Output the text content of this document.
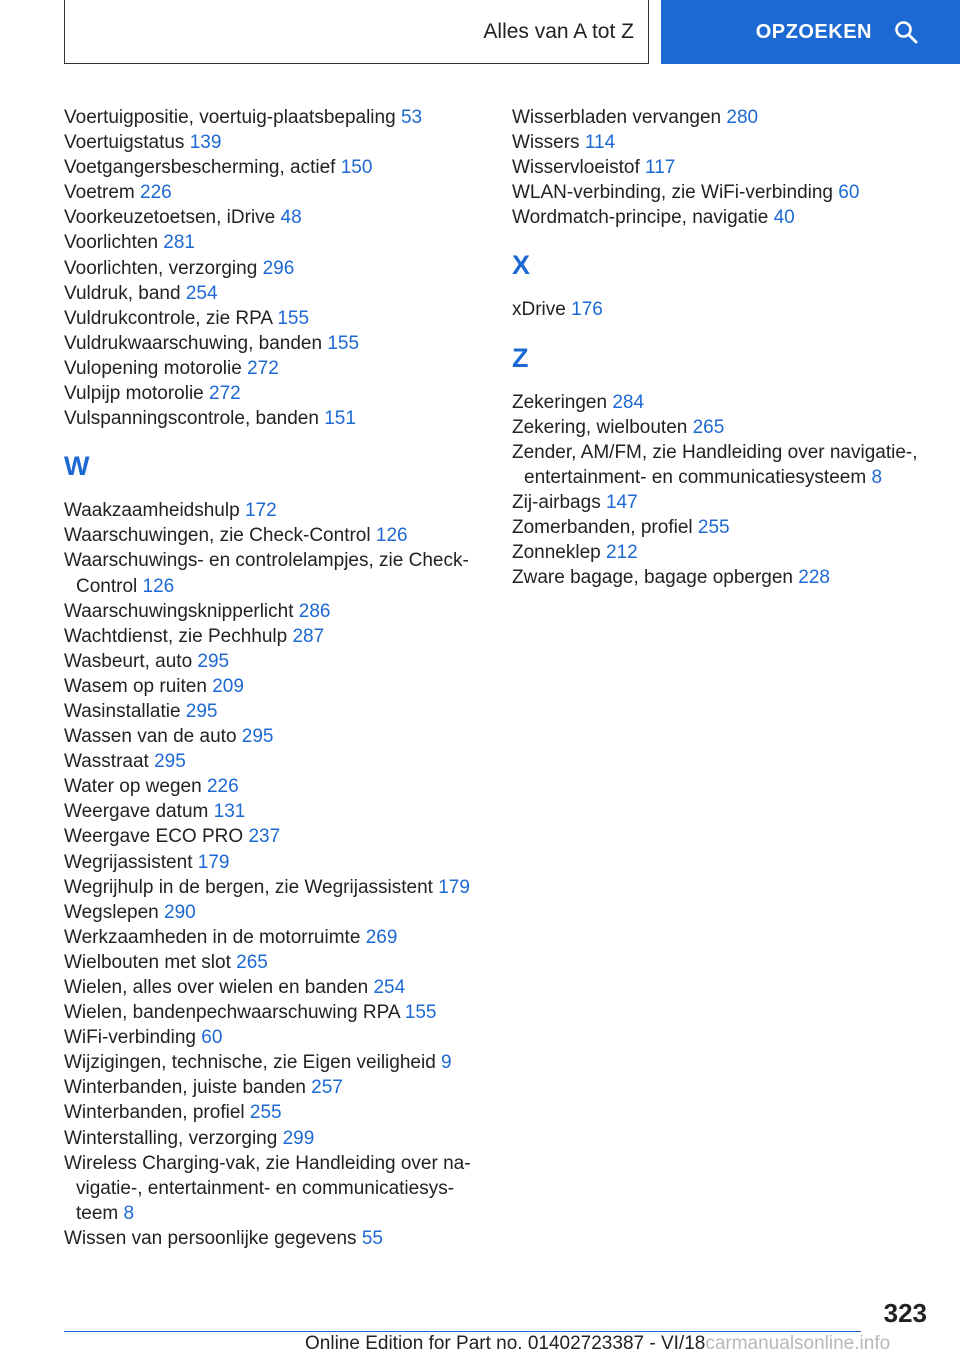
Alles van A tot Z	OPZOEKEN
Voertuigpositie, voertuig-plaatsbepaling 53
Voertuigstatus 139
Voetgangersbescherming, actief 150
Voetrem 226
Voorkeuzetoetsen, iDrive 48
Voorlichten 281
Voorlichten, verzorging 296
Vuldruk, band 254
Vuldrukcontrole, zie RPA 155
Vuldrukwaarschuwing, banden 155
Vulopening motorolie 272
Vulpijp motorolie 272
Vulspanningscontrole, banden 151
W
Waakzaamheidshulp 172
Waarschuwingen, zie Check-Control 126
Waarschuwings- en controlelampjes, zie Check-Control 126
Waarschuwingsknipperlicht 286
Wachtdienst, zie Pechhulp 287
Wasbeurt, auto 295
Wasem op ruiten 209
Wasinstallatie 295
Wassen van de auto 295
Wasstraat 295
Water op wegen 226
Weergave datum 131
Weergave ECO PRO 237
Wegrijassistent 179
Wegrijhulp in de bergen, zie Wegrijassistent 179
Wegslepen 290
Werkzaamheden in de motorruimte 269
Wielbouten met slot 265
Wielen, alles over wielen en banden 254
Wielen, bandenpechwaarschuwing RPA 155
WiFi-verbinding 60
Wijzigingen, technische, zie Eigen veiligheid 9
Winterbanden, juiste banden 257
Winterbanden, profiel 255
Winterstalling, verzorging 299
Wireless Charging-vak, zie Handleiding over na-vigatie-, entertainment- en communicatiesys-teem 8
Wissen van persoonlijke gegevens 55
Wisserbladen vervangen 280
Wissers 114
Wisservloeistof 117
WLAN-verbinding, zie WiFi-verbinding 60
Wordmatch-principe, navigatie 40
X
xDrive 176
Z
Zekeringen 284
Zekering, wielbouten 265
Zender, AM/FM, zie Handleiding over navigatie-, entertainment- en communicatiesysteem 8
Zij-airbags 147
Zomerbanden, profiel 255
Zonneklep 212
Zware bagage, bagage opbergen 228
323
Online Edition for Part no. 01402723387 - VI/18carmanualsonline.info
